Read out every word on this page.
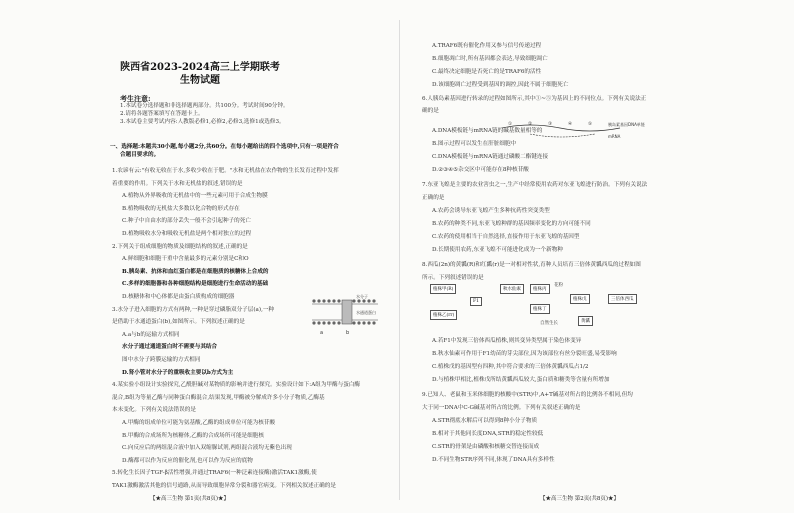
陕西省2023-2024高三上学期联考
生物试题
考生注意:
1.本试卷分选择题和非选择题两部分。共100分。考试时间90分钟。
2.请将各题答案填写在答题卡上。
3.本试卷主要考试内容:人教版必修1,必修2,必修3,选修1或选修3。
一、选择题:本题共30小题,每小题2分,共60分。在每小题给出的四个选项中,只有一项是符合
合题目要求的。
1.农谚有云:"有收无收在于水,多收少收在于肥。"水和无机盐在农作物的生长发育过程中发挥
着重要的作用。下列关于水和无机盐的叙述,错误的是
A.植物从外界吸收的无机盐中的一些元素可用于合成生物膜
B.植物吸收的无机盐大多数以化合物的形式存在
C.种子中自由水的部分丢失一般不会引起种子的死亡
D.植物吸收水分和吸收无机盐是两个相对独立的过程
2.下列关于组成细胞的物质及细胞结构的叙述,正确的是
A.鲜细胞和细胞干重中含量最多的元素分别是C和O
B.胰岛素、抗体和血红蛋白都是在细胞质的核糖体上合成的
C.多样的细胞器和各种细胞结构是细胞进行生命活动的基础
D.核糖体和中心体都是由蛋白质构成的细胞器
3.水分子进入细胞的方式有两种,一种是穿过磷脂双分子层(a),一种
是借助于水通道蛋白(b),如图所示。下列叙述正确的是
A.a与b的运输方式相同
水分子通过通道蛋白时不需要与其结合
图中水分子跨膜运输的方式相同
D.肾小管对水分子的重吸收主要以b方式为主
4.某实验小组设计实验探究,乙酰胆碱对某物质的影响并进行探究。实验设计如下:A组为甲酶与蛋白酶
混合,B组为等量乙酶与同种蛋白酶混合,结果发现,甲酶被分解成许多小分子物质,乙酶基
本未变化。下列有关说法错误的是
A.甲酶的组成单位可能为氨基酸,乙酶的组成单位可能为核苷酸
B.甲酶的合成场所为核糖体,乙酶的合成场所可能是细胞核
C.向反应后的两组混合液中加入双缩脲试剂,两组混合液均无紫色出现
D.酶都可以作为反应的催化剂,也可以作为反应的底物
5.转化生长因子TGF-β活性增强,并通过TRAF6(一种泛素连接酶)激活TAK1激酶,使
TAK1激酶激活其他的信号通路,从而导致细胞异常分裂和器官病变。下列相关叙述正确的是
a	b
水分子
水通道蛋白
A.TRAF6既有催化作用又参与信号传递过程
B.细胞凋亡时,所有基因都会表达,导致细胞凋亡
C.最终决定细胞是否死亡的是TRAF6的活性
D.该细胞凋亡过程受到基因的调控,因此不属于细胞死亡
6.人胰岛素基因进行转录的过程如图所示,其中①~⑤为基因上的不同位点。下列有关说法正
确的是
A.DNA模板链与mRNA链的碱基数量相等的
B.图示过程可以发生在肝脏细胞中
C.DNA模板链与mRNA链通过磷酸二酯键连接
D.②③④⑤杂交区中可能存在8种核苷酸
7.东亚飞蝗是主要的农业害虫之一,生产中经常使用农药对东亚飞蝗进行防治。下列有关说法
正确的是
A.农药会诱导东亚飞蝗产生多种抗药性突变类型
B.农药的种类不同,东亚飞蝗种群的基因频率变化的方向可能不同
C.农药的使用相当于自然选择,直接作用于东亚飞蝗的基因型
D.长期使用农药,东亚飞蝗不可能进化成为一个新物种
8.西瓜(2n)的黄瓤(R)和红瓤(r)是一对相对性状,育种人员培育三倍体黄瓤西瓜的过程如图
所示。下列叙述错误的是
A.若F1中发现三倍体西瓜植株,则其变异类型属于染色体变异
B.秋水仙素可作用于F1幼苗的芽尖部位,因为该部位有丝分裂旺盛,易受影响
C.植株戊的基因型有四种,其中符合要求的三倍体黄瓤西瓜占1/2
D.与植株甲相比,植株戊所结黄瓤西瓜较大,蛋白质和糖类等含量有所增加
9.已知人、老鼠和玉米体细胞的核酸中(STR)中,A+T碱基对所占的比例各不相同,但均
大于同一DNA中C-G碱基对所占的比例。下列有关叙述正确的是
A.STR彻底水解后可以得到8种小分子物质
B.相对于其他同长度DNA,STR的稳定性较低
C.STR的骨架是由磷酸和核糖交替连接而成
D.不同生物STR序列不同,体现了DNA具有多样性
胰岛素基因DNA单链
mRNA
①	②	③	④	⑤
植株甲(R)
植株乙(rr)
F1
秋水仙素	植株丙
植株丁
植株戊	三倍体西瓜
黄瓤
自然生长
花粉
【★高三生物 第1页(共8页)★】	【★高三生物 第2页(共8页)★】
